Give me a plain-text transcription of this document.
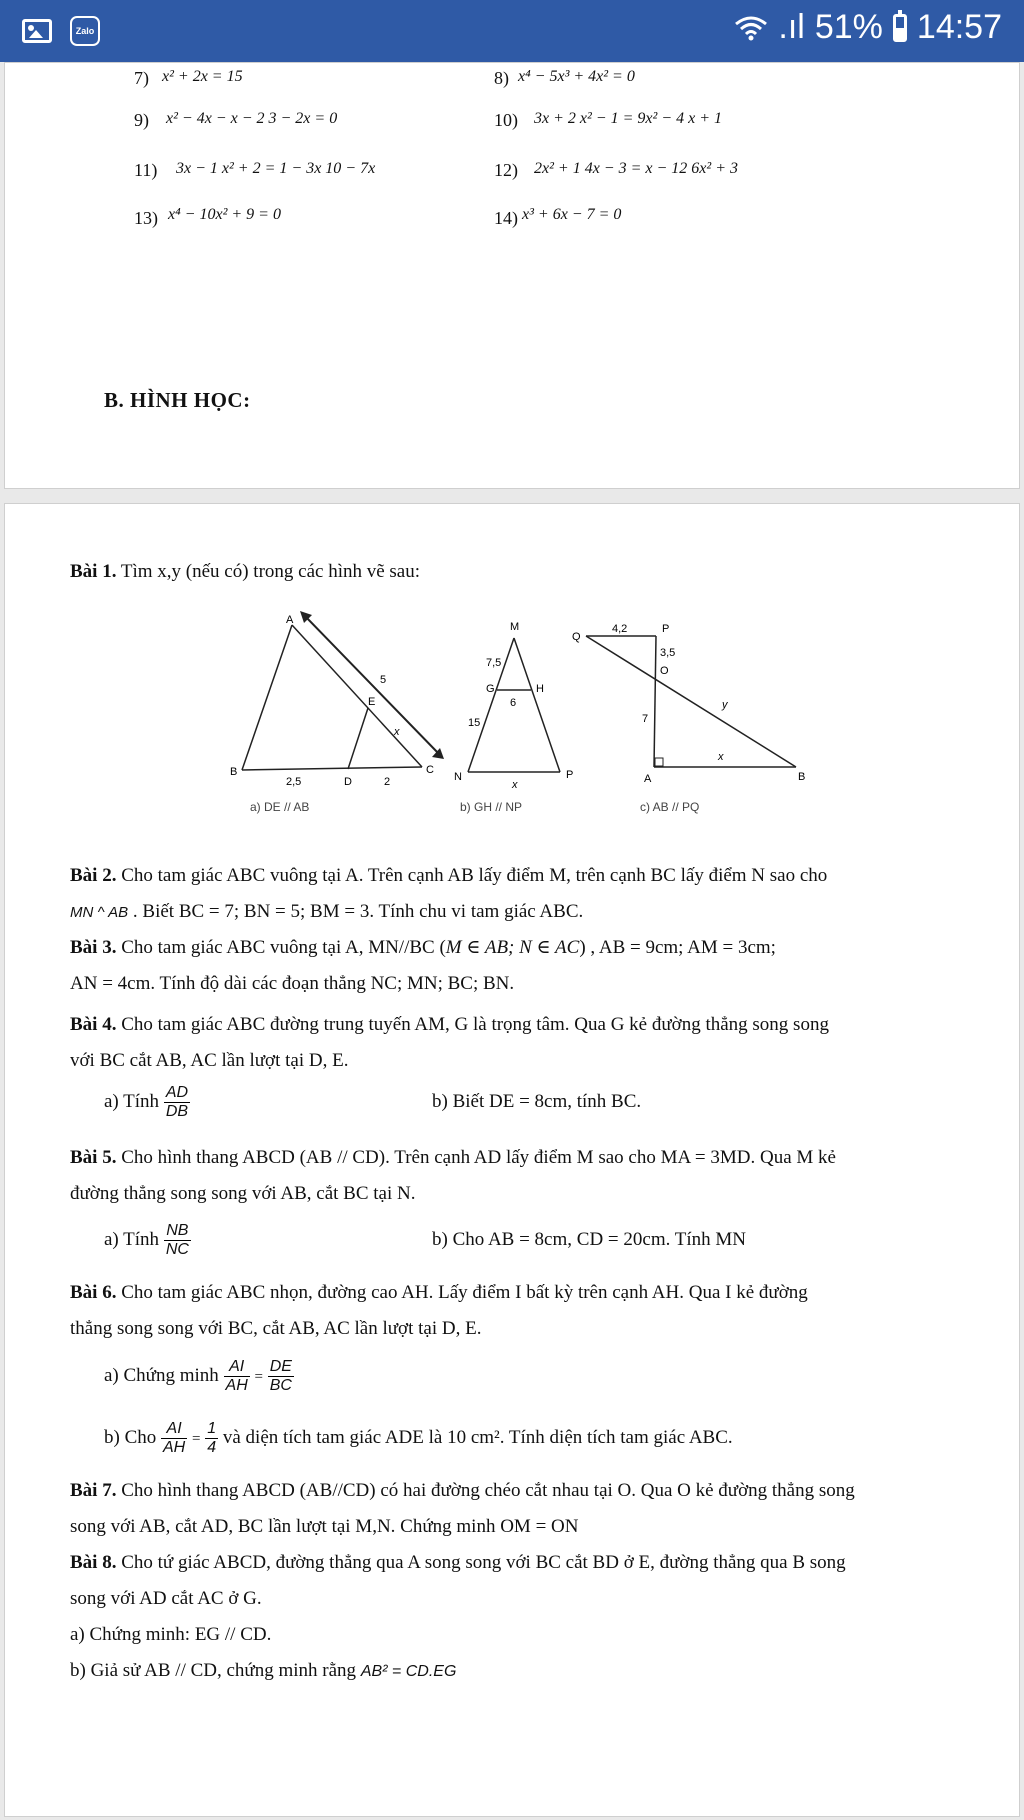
Zalo	.ıl 51% 14:57
7) x² + 2x = 15	8) x⁴ − 5x³ + 4x² = 0
9) x² − 4x − x − 2 3 − 2x = 0	10) 3x + 2 x² − 1 = 9x² − 4 x + 1
11) 3x − 1 x² + 2 = 1 − 3x 10 − 7x	12) 2x² + 1 4x − 3 = x − 12 6x² + 3
13) x⁴ − 10x² + 9 = 0	14) x³ + 6x − 7 = 0
B. HÌNH HỌC:
Bài 1. Tìm x,y (nếu có) trong các hình vẽ sau:
A
B	C
D
E
5
x
2,5	2
a) DE // AB
M
G	H
N	P
7,5
15
6
x
b) GH // NP
Q
P
O
A	B
4,2
3,5
7
y
x
c) AB // PQ
Bài 2. Cho tam giác ABC vuông tại A. Trên cạnh AB lấy điểm M, trên cạnh BC lấy điểm N sao cho
MN ^ AB . Biết BC = 7; BN = 5; BM = 3. Tính chu vi tam giác ABC.
Bài 3. Cho tam giác ABC vuông tại A, MN//BC (M ∈ AB; N ∈ AC) , AB = 9cm; AM = 3cm;
AN = 4cm. Tính độ dài các đoạn thẳng NC; MN; BC; BN.
Bài 4. Cho tam giác ABC đường trung tuyến AM, G là trọng tâm. Qua G kẻ đường thẳng song song
với BC cắt AB, AC lần lượt tại D, E.
a) Tính $\frac{AD}{DB}$	b) Biết DE = 8cm, tính BC.
Bài 5. Cho hình thang ABCD (AB // CD). Trên cạnh AD lấy điểm M sao cho MA = 3MD. Qua M kẻ
đường thẳng song song với AB, cắt BC tại N.
a) Tính $\frac{NB}{NC}$	b) Cho AB = 8cm, CD = 20cm. Tính MN
Bài 6. Cho tam giác ABC nhọn, đường cao AH. Lấy điểm I bất kỳ trên cạnh AH. Qua I kẻ đường
thẳng song song với BC, cắt AB, AC lần lượt tại D, E.
a) Chứng minh $\frac{AI}{AH} = \frac{DE}{BC}$
b) Cho $\frac{AI}{AH} = \frac{1}{4}$ và diện tích tam giác ADE là 10 cm². Tính diện tích tam giác ABC.
Bài 7. Cho hình thang ABCD (AB//CD) có hai đường chéo cắt nhau tại O. Qua O kẻ đường thẳng song
song với AB, cắt AD, BC lần lượt tại M,N. Chứng minh OM = ON
Bài 8. Cho tứ giác ABCD, đường thẳng qua A song song với BC cắt BD ở E, đường thẳng qua B song
song với AD cắt AC ở G.
a) Chứng minh: EG // CD.
b) Giả sử AB // CD, chứng minh rằng AB² = CD.EG
